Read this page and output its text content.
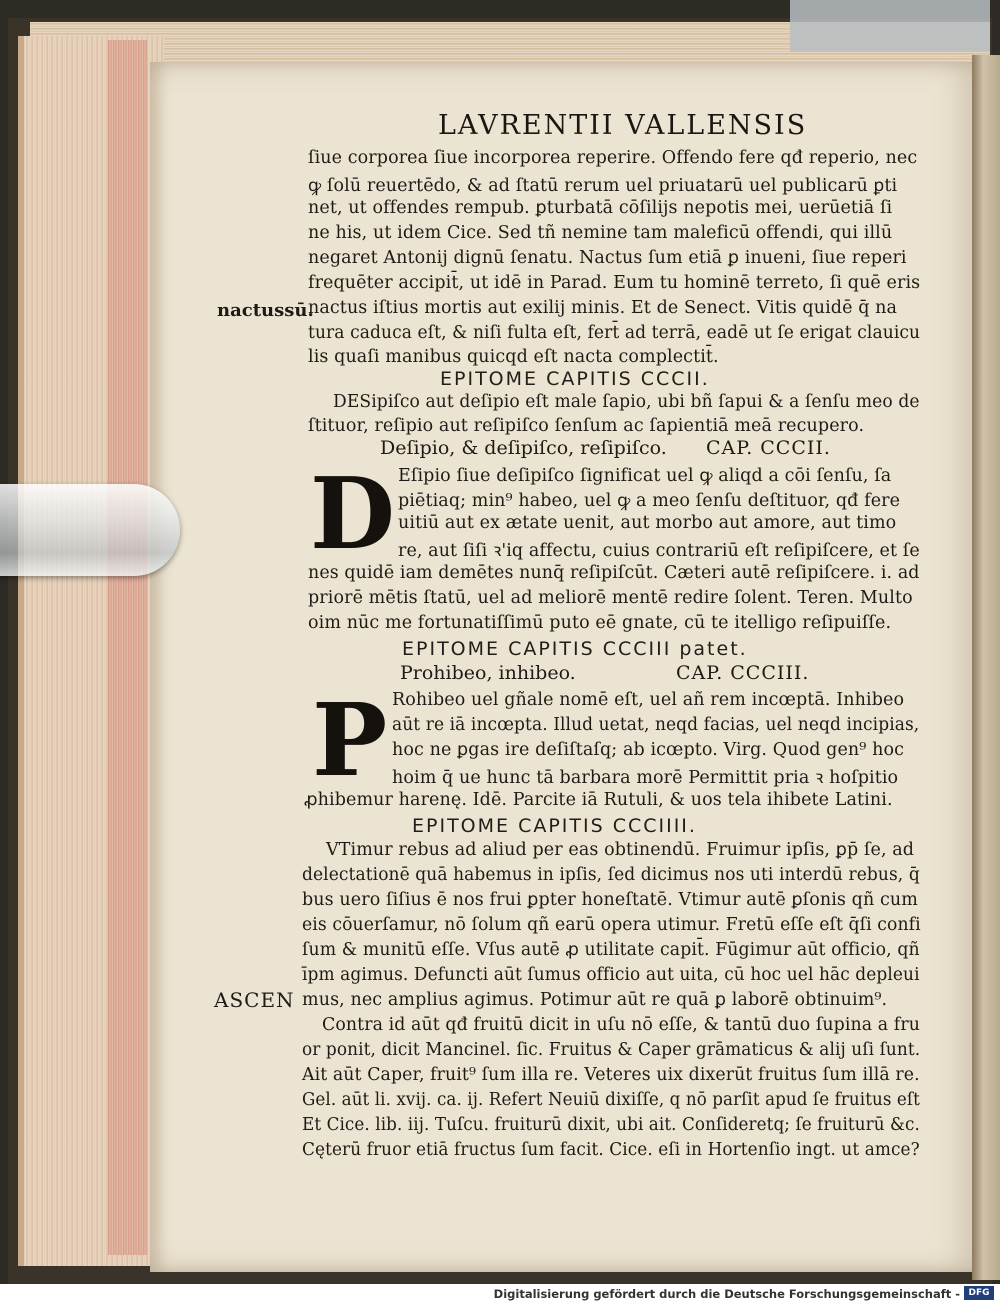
LAVRENTII VALLENSIS
nactussū.
ASCEN
ſiue corporea ſiue incorporea reperire. Offendo fere qđ reperio, nec
ꝙ ſolū reuertēdo, & ad ſtatū rerum uel priuatarū uel publicarū ꝑti
net, ut offendes rempub. ꝑturbatā cōſilijs nepotis mei, uerūetiā ſi
ne his, ut idem Cice. Sed tñ nemine tam maleficū offendi, qui illū
negaret Antonij dignū ſenatu. Nactus ſum etiā ꝑ inueni, ſiue reperi
frequēter accipit̄, ut idē in Parad. Eum tu hominē terreto, ſi quē eris
nactus iſtius mortis aut exilij minis. Et de Senect. Vitis quidē q̄ na
tura caduca eſt, & niſi fulta eſt, fert̄ ad terrā, eadē ut ſe erigat clauicu
lis quaſi manibus quicqd eſt nacta complectit̄.
EPITOME CAPITIS CCCII.
DESipiſco aut deſipio eſt male ſapio, ubi bñ ſapui & a ſenſu meo de
ſtituor, reſipio aut reſipiſco ſenſum ac ſapientiā meā recupero.
Deſipio, & deſipiſco, reſipiſco. CAP. CCCII.
D Eſipio ſiue deſipiſco ſignificat uel ꝙ aliqd a cōi ſenſu, ſa
piētiaq; min⁹ habeo, uel ꝙ a meo ſenſu deſtituor, qđ fere
uitiū aut ex ætate uenit, aut morbo aut amore, aut timo
re, aut ſiſi ꝛ'iq affectu, cuius contrariū eſt reſipiſcere, et ſe
nes quidē iam demētes nunq̄ reſipiſcūt. Cæteri autē reſipiſcere. i. ad
priorē mētis ſtatū, uel ad meliorē mentē redire ſolent. Teren. Multo
oim nūc me fortunatiſſimū puto eē gnate, cū te itelligo reſipuiſſe.
EPITOME CAPITIS CCCIII patet.
Prohibeo, inhibeo.	CAP. CCCIII.
P Rohibeo uel gñale nomē eſt, uel añ rem incœptā. Inhibeo
aūt re iā incœpta. Illud uetat, neqd facias, uel neqd incipias,
hoc ne ꝑgas ire deſiſtaſq; ab icœpto. Virg. Quod gen⁹ hoc
hoim q̄ ue hunc tā barbara morē Permittit pria ꝛ hoſpitio
ꝓhibemur harenę. Idē. Parcite iā Rutuli, & uos tela ihibete Latini.
EPITOME CAPITIS CCCIIII.
VTimur rebus ad aliud per eas obtinendū. Fruimur ipſis, ꝑp̄ ſe, ad
delectationē quā habemus in ipſis, ſed dicimus nos uti interdū rebus, q̄
bus uero ſiſius ē nos frui ꝑpter honeſtatē. Vtimur autē ꝑſonis qñ cum
eis cōuerſamur, nō ſolum qñ earū opera utimur. Fretū eſſe eſt q̄ſi confi
ſum & munitū eſſe. Vſus autē ꝓ utilitate capit̄. Fūgimur aūt officio, qñ
īpm agimus. Defuncti aūt ſumus officio aut uita, cū hoc uel hāc depleui
mus, nec amplius agimus. Potimur aūt re quā ꝑ laborē obtinuim⁹.
Contra id aūt qđ fruitū dicit in uſu nō eſſe, & tantū duo ſupina a fru
or ponit, dicit Mancinel. ſic. Fruitus & Caper grāmaticus & alij uſi ſunt.
Ait aūt Caper, fruit⁹ ſum illa re. Veteres uix dixerūt fruitus ſum illā re.
Gel. aūt li. xvij. ca. ij. Refert Neuiū dixiſſe, q nō parſit apud ſe fruitus eſt
Et Cice. lib. iij. Tuſcu. fruiturū dixit, ubi ait. Conſideretq; ſe fruiturū &c.
Cęterū fruor etiā fructus ſum facit. Cice. eſi in Hortenſio ingt. ut amce?
Digitalisierung gefördert durch die Deutsche Forschungsgemeinschaft - DFG
